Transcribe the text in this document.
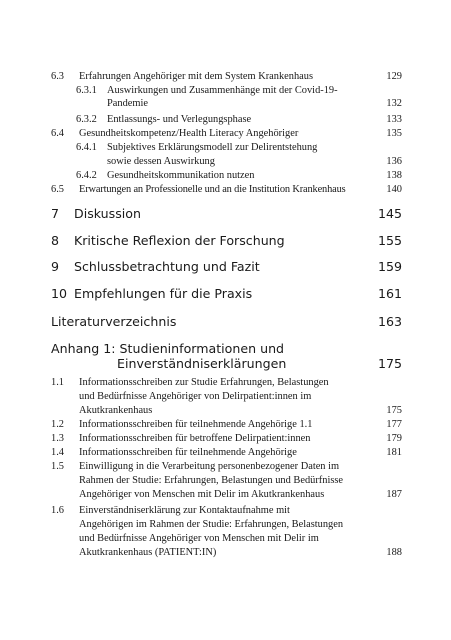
6.3 Erfahrungen Angehöriger mit dem System Krankenhaus	129
6.3.1 Auswirkungen und Zusammenhänge mit der Covid-19-
Pandemie	132
6.3.2 Entlassungs- und Verlegungsphase	133
6.4 Gesundheitskompetenz/Health Literacy Angehöriger	135
6.4.1 Subjektives Erklärungsmodell zur Delirentstehung
sowie dessen Auswirkung	136
6.4.2 Gesundheitskommunikation nutzen	138
6.5 Erwartungen an Professionelle und an die Institution Krankenhaus	140
7 Diskussion	145
8 Kritische Reflexion der Forschung	155
9 Schlussbetrachtung und Fazit	159
10 Empfehlungen für die Praxis	161
Literaturverzeichnis	163
Anhang 1: Studieninformationen und
Einverständniserklärungen	175
1.1 Informationsschreiben zur Studie Erfahrungen, Belastungen
und Bedürfnisse Angehöriger von Delirpatient:innen im
Akutkrankenhaus	175
1.2 Informationsschreiben für teilnehmende Angehörige 1.1	177
1.3 Informationsschreiben für betroffene Delirpatient:innen	179
1.4 Informationsschreiben für teilnehmende Angehörige	181
1.5 Einwilligung in die Verarbeitung personenbezogener Daten im
Rahmen der Studie: Erfahrungen, Belastungen und Bedürfnisse
Angehöriger von Menschen mit Delir im Akutkrankenhaus	187
1.6 Einverständniserklärung zur Kontaktaufnahme mit
Angehörigen im Rahmen der Studie: Erfahrungen, Belastungen
und Bedürfnisse Angehöriger von Menschen mit Delir im
Akutkrankenhaus (PATIENT:IN)	188
